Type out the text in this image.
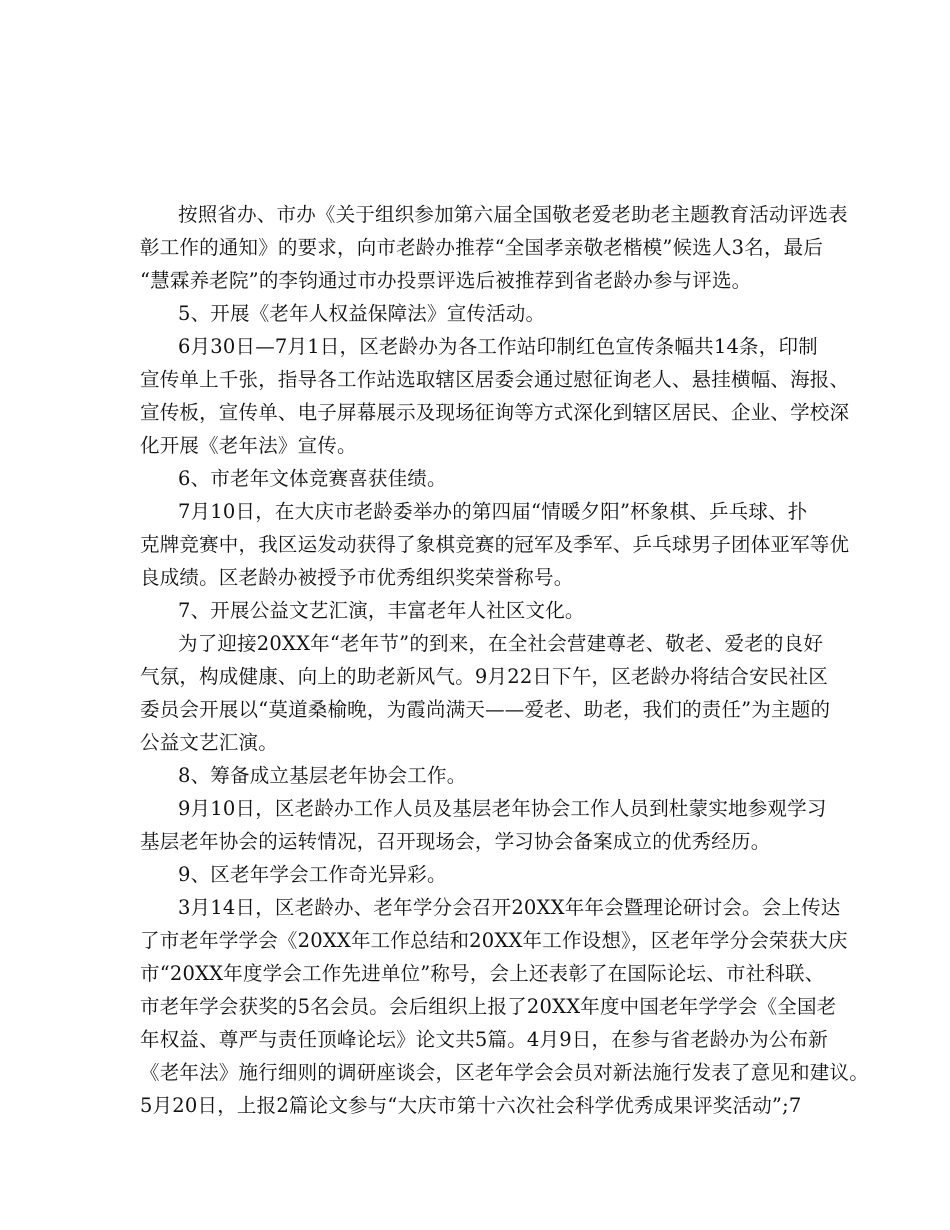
按照省办、市办《关于组织参加第六届全国敬老爱老助老主题教育活动评选表
彰工作的通知》的要求，向市老龄办推荐“全国孝亲敬老楷模”候选人3名，最后
“慧霖养老院”的李钧通过市办投票评选后被推荐到省老龄办参与评选。
5、开展《老年人权益保障法》宣传活动。
6月30日—7月1日，区老龄办为各工作站印制红色宣传条幅共14条，印制
宣传单上千张，指导各工作站选取辖区居委会通过慰征询老人、悬挂横幅、海报、
宣传板，宣传单、电子屏幕展示及现场征询等方式深化到辖区居民、企业、学校深
化开展《老年法》宣传。
6、市老年文体竞赛喜获佳绩。
7月10日，在大庆市老龄委举办的第四届“情暖夕阳”杯象棋、乒乓球、扑
克牌竞赛中，我区运发动获得了象棋竞赛的冠军及季军、乒乓球男子团体亚军等优
良成绩。区老龄办被授予市优秀组织奖荣誉称号。
7、开展公益文艺汇演，丰富老年人社区文化。
为了迎接20XX年“老年节”的到来，在全社会营建尊老、敬老、爱老的良好
气氛，构成健康、向上的助老新风气。9月22日下午，区老龄办将结合安民社区
委员会开展以“莫道桑榆晚，为霞尚满天——爱老、助老，我们的责任”为主题的
公益文艺汇演。
8、筹备成立基层老年协会工作。
9月10日，区老龄办工作人员及基层老年协会工作人员到杜蒙实地参观学习
基层老年协会的运转情况，召开现场会，学习协会备案成立的优秀经历。
9、区老年学会工作奇光异彩。
3月14日，区老龄办、老年学分会召开20XX年年会暨理论研讨会。会上传达
了市老年学学会《20XX年工作总结和20XX年工作设想》，区老年学分会荣获大庆
市“20XX年度学会工作先进单位”称号，会上还表彰了在国际论坛、市社科联、
市老年学会获奖的5名会员。会后组织上报了20XX年度中国老年学学会《全国老
年权益、尊严与责任顶峰论坛》论文共5篇。4月9日，在参与省老龄办为公布新
《老年法》施行细则的调研座谈会，区老年学会会员对新法施行发表了意见和建议。
5月20日，上报2篇论文参与“大庆市第十六次社会科学优秀成果评奖活动”;7
